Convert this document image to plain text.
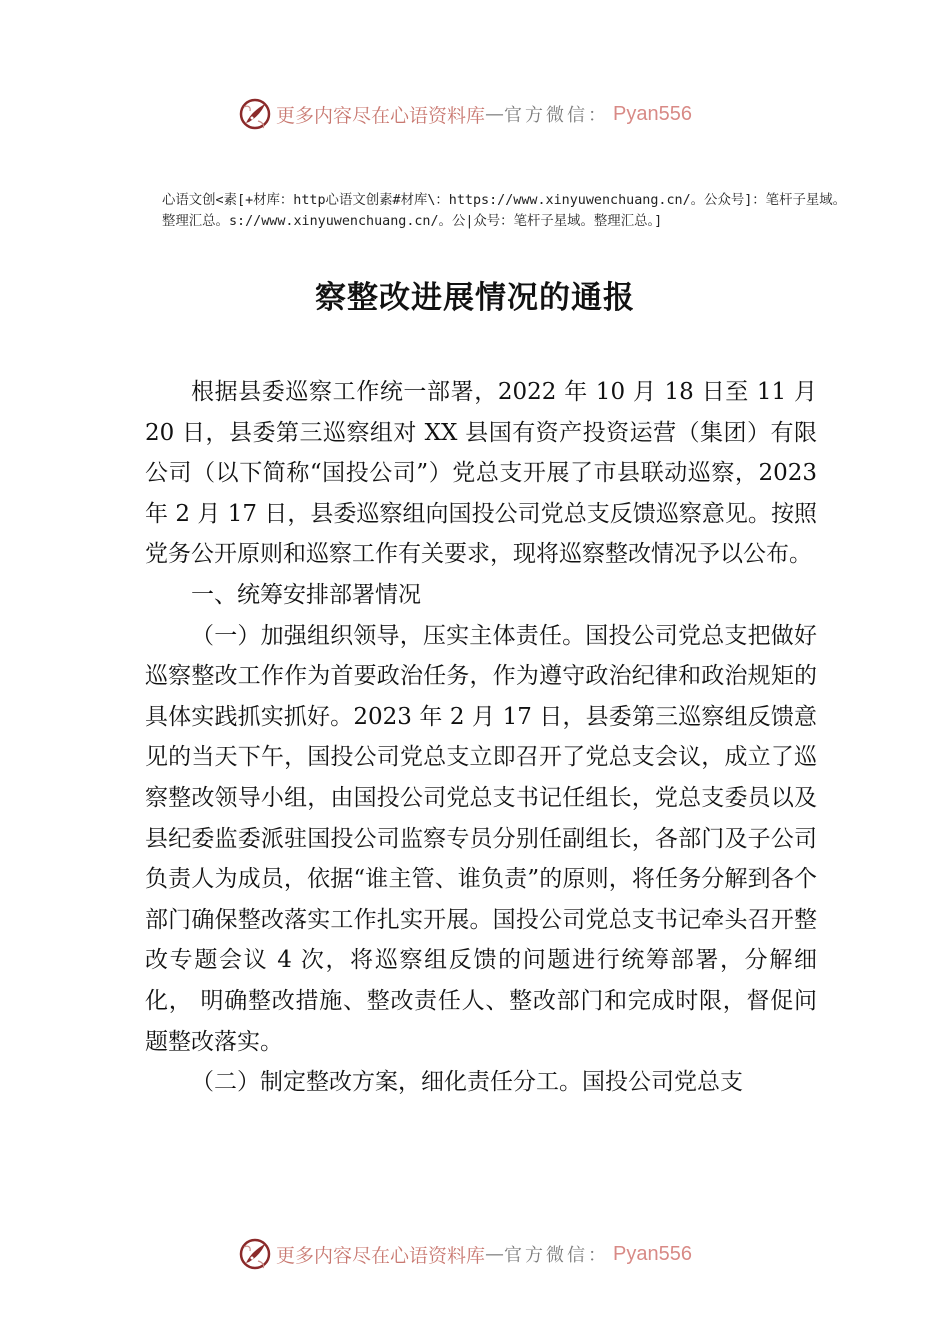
更多内容尽在心语资料库 — 官方微信： Pyan556
心语文创<素[+材库：http心语文创素#材库\：https://www.xinyuwenchuang.cn/。公众号]：笔杆子星域。整理汇总。s://www.xinyuwenchuang.cn/。公|众号：笔杆子星域。整理汇总。]
察整改进展情况的通报

根据县委巡察工作统一部署，2022 年 10 月 18 日至 11 月 20 日，县委第三巡察组对 XX 县国有资产投资运营（集团）有限公司（以下简称“国投公司”）党总支开展了市县联动巡察，2023 年 2 月 17 日，县委巡察组向国投公司党总支反馈巡察意见。按照党务公开原则和巡察工作有关要求，现将巡察整改情况予以公布。

一、统筹安排部署情况

（一）加强组织领导，压实主体责任。国投公司党总支把做好巡察整改工作作为首要政治任务，作为遵守政治纪律和政治规矩的具体实践抓实抓好。2023 年 2 月 17 日，县委第三巡察组反馈意见的当天下午，国投公司党总支立即召开了党总支会议，成立了巡察整改领导小组，由国投公司党总支书记任组长，党总支委员以及县纪委监委派驻国投公司监察专员分别任副组长，各部门及子公司负责人为成员，依据“谁主管、谁负责”的原则，将任务分解到各个部门确保整改落实工作扎实开展。国投公司党总支书记牵头召开整改专题会议 4 次，将巡察组反馈的问题进行统筹部署，分解细化， 明确整改措施、整改责任人、整改部门和完成时限，督促问题整改落实。

（二）制定整改方案，细化责任分工。国投公司党总支

更多内容尽在心语资料库 — 官方微信： Pyan556
